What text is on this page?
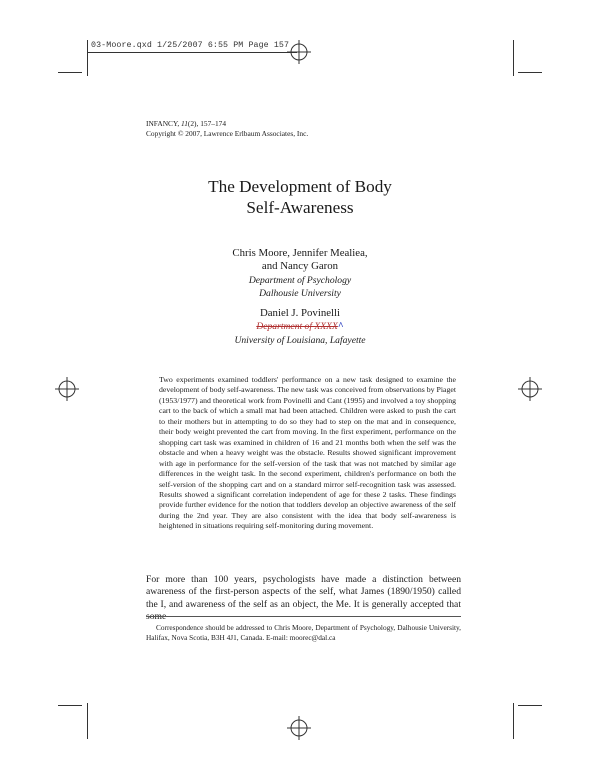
03-Moore.qxd 1/25/2007 6:55 PM Page 157
INFANCY, 11(2), 157–174
Copyright © 2007, Lawrence Erlbaum Associates, Inc.
The Development of Body
Self-Awareness
Chris Moore, Jennifer Mealiea,
and Nancy Garon
Department of Psychology
Dalhousie University
Daniel J. Povinelli
Department of XXXX^
University of Louisiana, Lafayette

Two experiments examined toddlers' performance on a new task designed to examine the development of body self-awareness. The new task was conceived from observations by Piaget (1953/1977) and theoretical work from Povinelli and Cant (1995) and involved a toy shopping cart to the back of which a small mat had been attached. Children were asked to push the cart to their mothers but in attempting to do so they had to step on the mat and in consequence, their body weight prevented the cart from moving. In the first experiment, performance on the shopping cart task was examined in children of 16 and 21 months both when the self was the obstacle and when a heavy weight was the obstacle. Results showed significant improvement with age in performance for the self-version of the task that was not matched by similar age differences in the weight task. In the second experiment, children's performance on both the self-version of the shopping cart and on a standard mirror self-recognition task was assessed. Results showed a significant correlation independent of age for these 2 tasks. These findings provide further evidence for the notion that toddlers develop an objective awareness of the self during the 2nd year. They are also consistent with the idea that body self-awareness is heightened in situations requiring self-monitoring during movement.

For more than 100 years, psychologists have made a distinction between awareness of the first-person aspects of the self, what James (1890/1950) called the I, and awareness of the self as an object, the Me. It is generally accepted that

Correspondence should be addressed to Chris Moore, Department of Psychology, Dalhousie University, Halifax, Nova Scotia, B3H 4J1, Canada. E-mail: moorec@dal.ca
